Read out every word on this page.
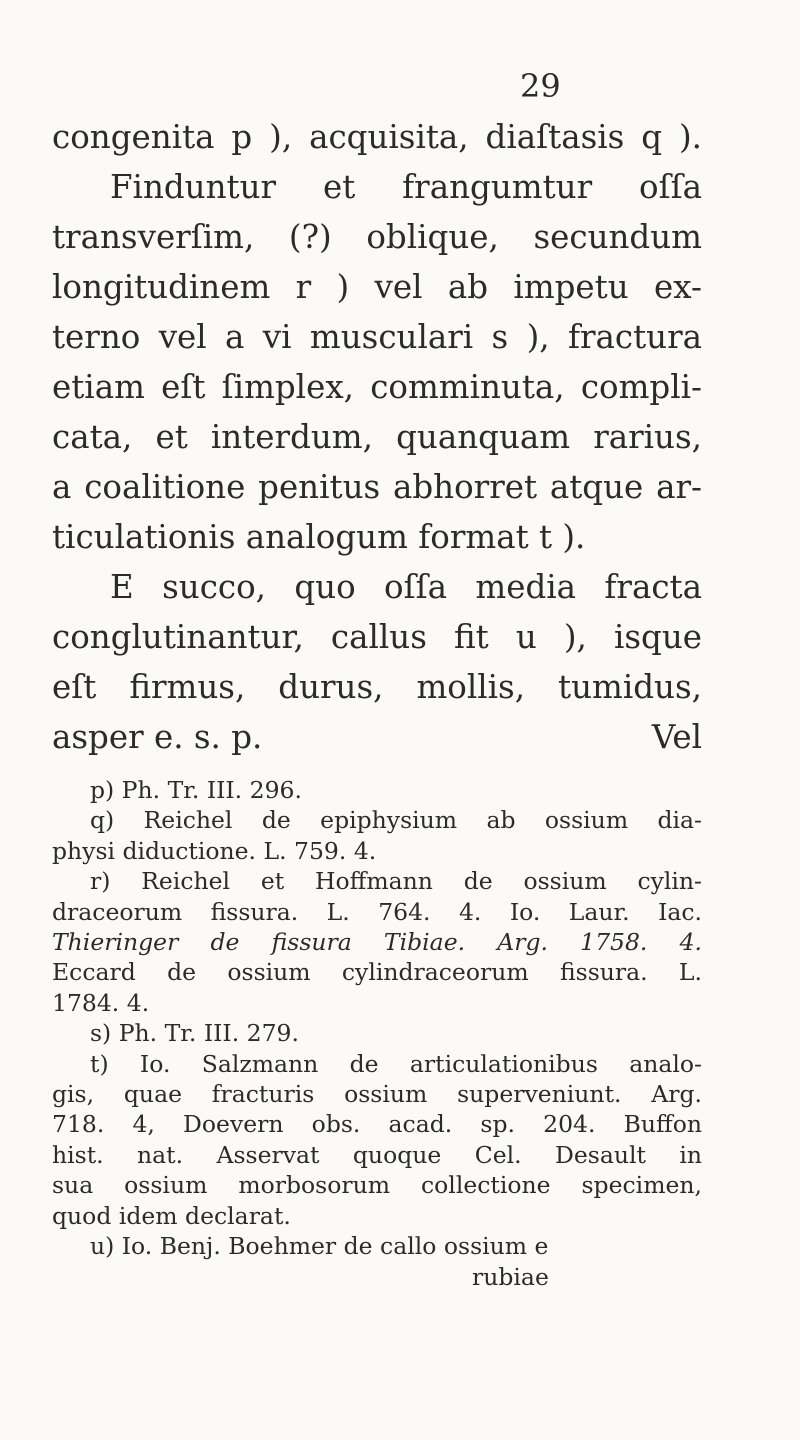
29
congenita p ), acquisita, diaſtasis q ).
Finduntur et frangumtur oſſa
transverſim, (?) oblique, secundum
longitudinem r ) vel ab impetu ex-
terno vel a vi musculari s ), fractura
etiam eſt ſimplex, comminuta, compli-
cata, et interdum, quanquam rarius,
a coalitione penitus abhorret atque ar-
ticulationis analogum format t ).
E succo, quo oſſa media fracta
conglutinantur, callus fit u ), isque
eſt firmus, durus, mollis, tumidus,
asper e. s. p.	Vel
p) Ph. Tr. III. 296.
q) Reichel de epiphysium ab ossium dia-
physi diductione. L. 759. 4.
r) Reichel et Hoffmann de ossium cylin-
draceorum fissura. L. 764. 4. Io. Laur. Iac.
Thieringer de fissura Tibiae. Arg. 1758. 4.
Eccard de ossium cylindraceorum fissura. L.
1784. 4.
s) Ph. Tr. III. 279.
t) Io. Salzmann de articulationibus analo-
gis, quae fracturis ossium superveniunt. Arg.
718. 4, Doevern obs. acad. sp. 204. Buffon
hist. nat. Asservat quoque Cel. Desault in
sua ossium morbosorum collectione specimen,
quod idem declarat.
u) Io. Benj. Boehmer de callo ossium e
rubiae
